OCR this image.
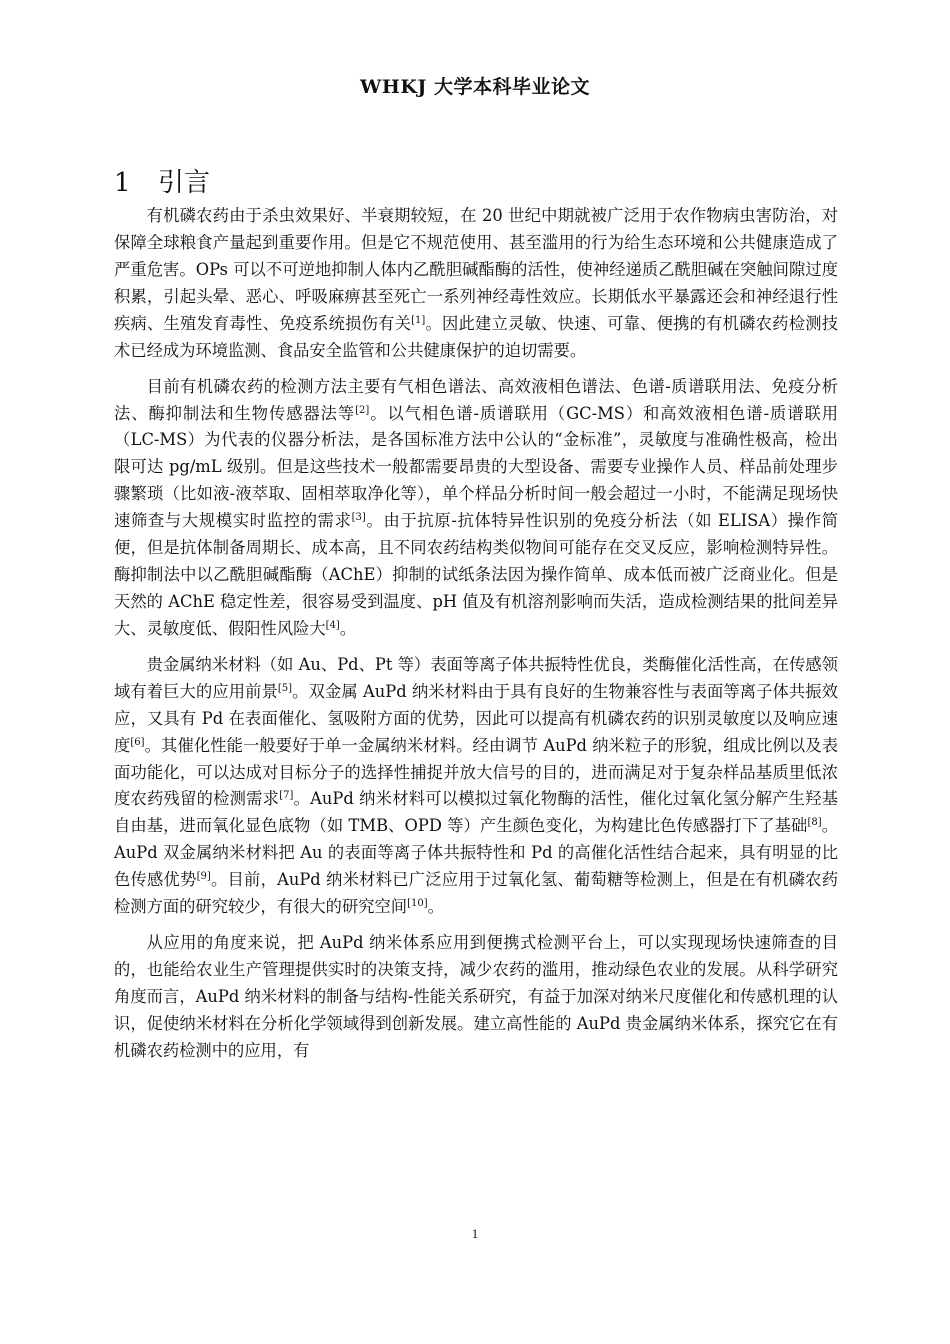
WHKJ 大学本科毕业论文
1 引言

有机磷农药由于杀虫效果好、半衰期较短，在 20 世纪中期就被广泛用于农作物病虫害防治，对保障全球粮食产量起到重要作用。但是它不规范使用、甚至滥用的行为给生态环境和公共健康造成了严重危害。OPs 可以不可逆地抑制人体内乙酰胆碱酯酶的活性，使神经递质乙酰胆碱在突触间隙过度积累，引起头晕、恶心、呼吸麻痹甚至死亡一系列神经毒性效应。长期低水平暴露还会和神经退行性疾病、生殖发育毒性、免疫系统损伤有关[1]。因此建立灵敏、快速、可靠、便携的有机磷农药检测技术已经成为环境监测、食品安全监管和公共健康保护的迫切需要。

目前有机磷农药的检测方法主要有气相色谱法、高效液相色谱法、色谱-质谱联用法、免疫分析法、酶抑制法和生物传感器法等[2]。以气相色谱-质谱联用（GC-MS）和高效液相色谱-质谱联用（LC-MS）为代表的仪器分析法，是各国标准方法中公认的“金标准”，灵敏度与准确性极高，检出限可达 pg/mL 级别。但是这些技术一般都需要昂贵的大型设备、需要专业操作人员、样品前处理步骤繁琐（比如液-液萃取、固相萃取净化等），单个样品分析时间一般会超过一小时，不能满足现场快速筛查与大规模实时监控的需求[3]。由于抗原-抗体特异性识别的免疫分析法（如 ELISA）操作简便，但是抗体制备周期长、成本高，且不同农药结构类似物间可能存在交叉反应，影响检测特异性。酶抑制法中以乙酰胆碱酯酶（AChE）抑制的试纸条法因为操作简单、成本低而被广泛商业化。但是天然的 AChE 稳定性差，很容易受到温度、pH 值及有机溶剂影响而失活，造成检测结果的批间差异大、灵敏度低、假阳性风险大[4]。

贵金属纳米材料（如 Au、Pd、Pt 等）表面等离子体共振特性优良，类酶催化活性高，在传感领域有着巨大的应用前景[5]。双金属 AuPd 纳米材料由于具有良好的生物兼容性与表面等离子体共振效应，又具有 Pd 在表面催化、氢吸附方面的优势，因此可以提高有机磷农药的识别灵敏度以及响应速度[6]。其催化性能一般要好于单一金属纳米材料。经由调节 AuPd 纳米粒子的形貌，组成比例以及表面功能化，可以达成对目标分子的选择性捕捉并放大信号的目的，进而满足对于复杂样品基质里低浓度农药残留的检测需求[7]。AuPd 纳米材料可以模拟过氧化物酶的活性，催化过氧化氢分解产生羟基自由基，进而氧化显色底物（如 TMB、OPD 等）产生颜色变化，为构建比色传感器打下了基础[8]。AuPd 双金属纳米材料把 Au 的表面等离子体共振特性和 Pd 的高催化活性结合起来，具有明显的比色传感优势[9]。目前，AuPd 纳米材料已广泛应用于过氧化氢、葡萄糖等检测上，但是在有机磷农药检测方面的研究较少，有很大的研究空间[10]。

从应用的角度来说，把 AuPd 纳米体系应用到便携式检测平台上，可以实现现场快速筛查的目的，也能给农业生产管理提供实时的决策支持，减少农药的滥用，推动绿色农业的发展。从科学研究角度而言，AuPd 纳米材料的制备与结构-性能关系研究，有益于加深对纳米尺度催化和传感机理的认识，促使纳米材料在分析化学领域得到创新发展。建立高性能的 AuPd 贵金属纳米体系，探究它在有机磷农药检测中的应用，有

1
